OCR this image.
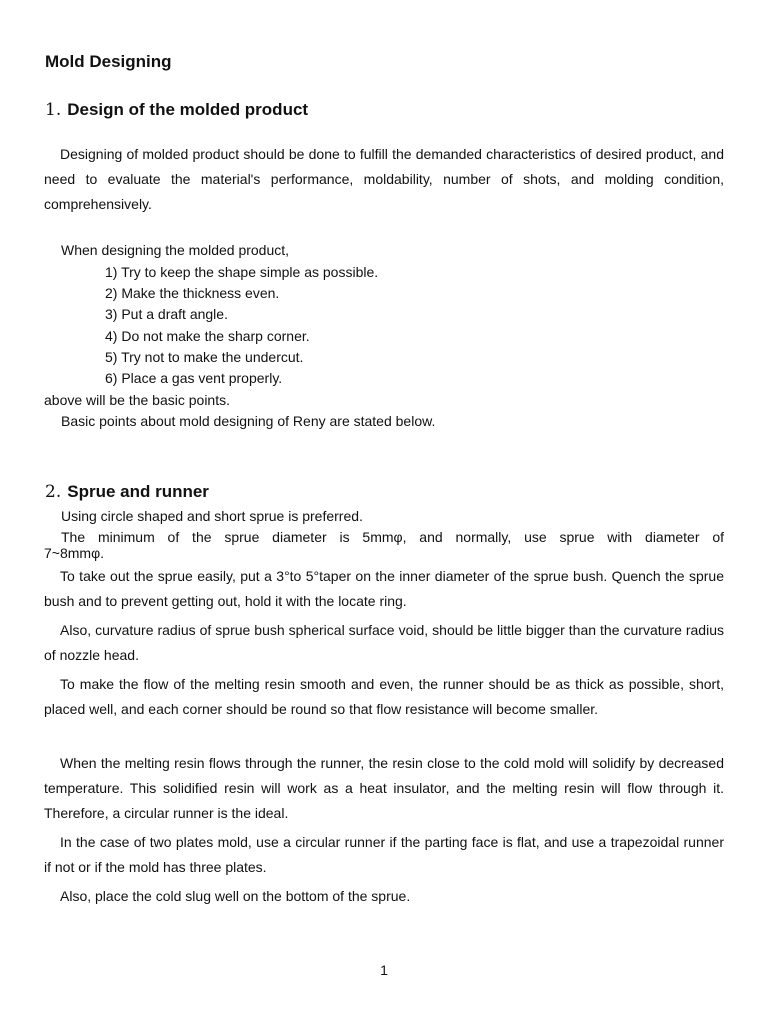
Mold Designing
1. Design of the molded product
Designing of molded product should be done to fulfill the demanded characteristics of desired product, and need to evaluate the material's performance, moldability, number of shots, and molding condition, comprehensively.
When designing the molded product,
1) Try to keep the shape simple as possible.
2) Make the thickness even.
3) Put a draft angle.
4) Do not make the sharp corner.
5) Try not to make the undercut.
6) Place a gas vent properly.
above will be the basic points.
Basic points about mold designing of Reny are stated below.
2. Sprue and runner
Using circle shaped and short sprue is preferred.
The minimum of the sprue diameter is 5mmφ, and normally, use sprue with diameter of
7~8mmφ.
To take out the sprue easily, put a 3°to 5°taper on the inner diameter of the sprue bush. Quench the sprue bush and to prevent getting out, hold it with the locate ring.
Also, curvature radius of sprue bush spherical surface void, should be little bigger than the curvature radius of nozzle head.
To make the flow of the melting resin smooth and even, the runner should be as thick as possible, short, placed well, and each corner should be round so that flow resistance will become smaller.
When the melting resin flows through the runner, the resin close to the cold mold will solidify by decreased temperature. This solidified resin will work as a heat insulator, and the melting resin will flow through it. Therefore, a circular runner is the ideal.
In the case of two plates mold, use a circular runner if the parting face is flat, and use a trapezoidal runner if not or if the mold has three plates.
Also, place the cold slug well on the bottom of the sprue.
1
